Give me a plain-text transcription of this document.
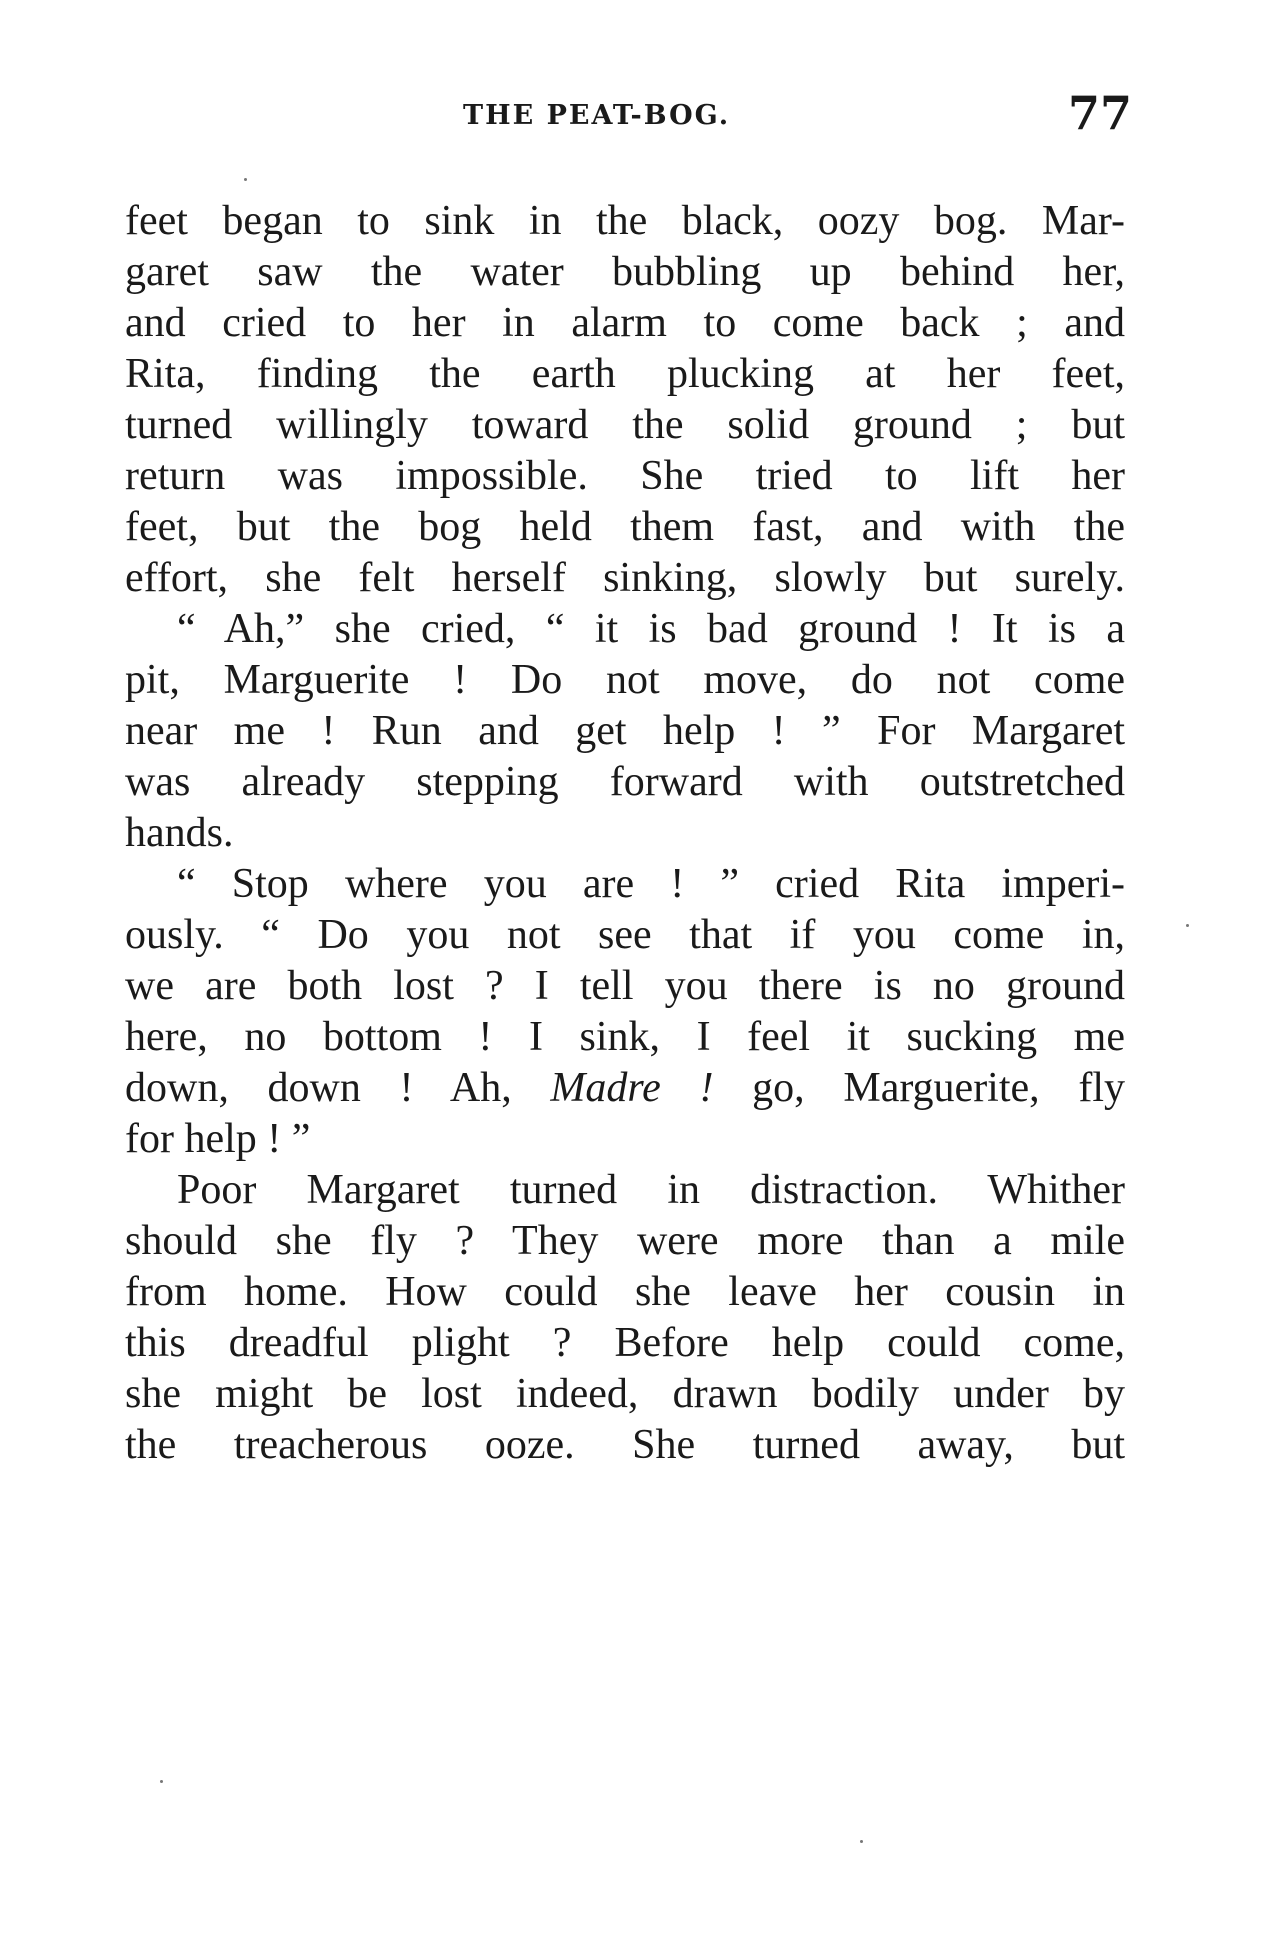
THE PEAT-BOG.	77
feet began to sink in the black, oozy bog. Mar-
garet saw the water bubbling up behind her,
and cried to her in alarm to come back ; and
Rita, finding the earth plucking at her feet,
turned willingly toward the solid ground ; but
return was impossible. She tried to lift her
feet, but the bog held them fast, and with the
effort, she felt herself sinking, slowly but surely.
“ Ah,” she cried, “ it is bad ground ! It is a
pit, Marguerite ! Do not move, do not come
near me ! Run and get help ! ” For Margaret
was already stepping forward with outstretched
hands.
“ Stop where you are ! ” cried Rita imperi-
ously. “ Do you not see that if you come in,
we are both lost ? I tell you there is no ground
here, no bottom ! I sink, I feel it sucking me
down, down ! Ah, Madre ! go, Marguerite, fly
for help ! ”
Poor Margaret turned in distraction. Whither
should she fly ? They were more than a mile
from home. How could she leave her cousin in
this dreadful plight ? Before help could come,
she might be lost indeed, drawn bodily under by
the treacherous ooze. She turned away, but
